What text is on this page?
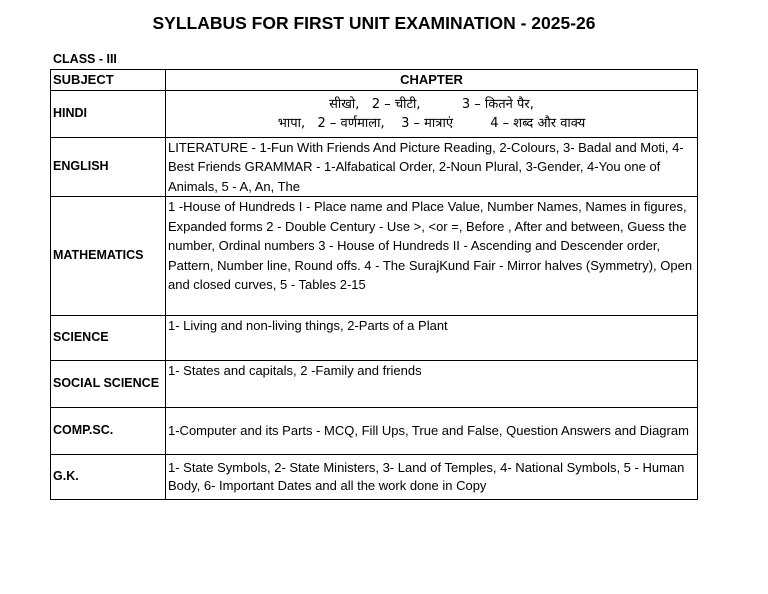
SYLLABUS FOR FIRST UNIT EXAMINATION - 2025-26
CLASS - III
SUBJECT	CHAPTER
HINDI	सीखो,   2 – चीटी,          3 – कितने पैर,
भापा,   2 – वर्णमाला,    3 – मात्राएं         4 – शब्द और वाक्य

ENGLISH	LITERATURE - 1-Fun With Friends And Picture Reading, 2-Colours, 3- Badal and Moti, 4-Best Friends GRAMMAR - 1-Alfabatical Order, 2-Noun Plural, 3-Gender, 4-You one of Animals, 5 - A, An, The
MATHEMATICS	1 -House of Hundreds I - Place name and Place Value, Number Names, Names in figures, Expanded forms 2 - Double Century - Use >, <or =, Before , After and between, Guess the number, Ordinal numbers 3 - House of Hundreds II - Ascending and Descender order, Pattern, Number line, Round offs. 4 - The SurajKund Fair - Mirror halves (Symmetry), Open and closed curves, 5 - Tables 2-15
SCIENCE	1- Living and non-living things, 2-Parts of a Plant
SOCIAL SCIENCE	1- States and capitals, 2 -Family and friends
COMP.SC.	1-Computer and its Parts - MCQ, Fill Ups, True and False, Question Answers and Diagram
G.K.	1- State Symbols, 2- State Ministers, 3- Land of Temples, 4- National Symbols, 5 - Human Body, 6- Important Dates and all the work done in Copy
